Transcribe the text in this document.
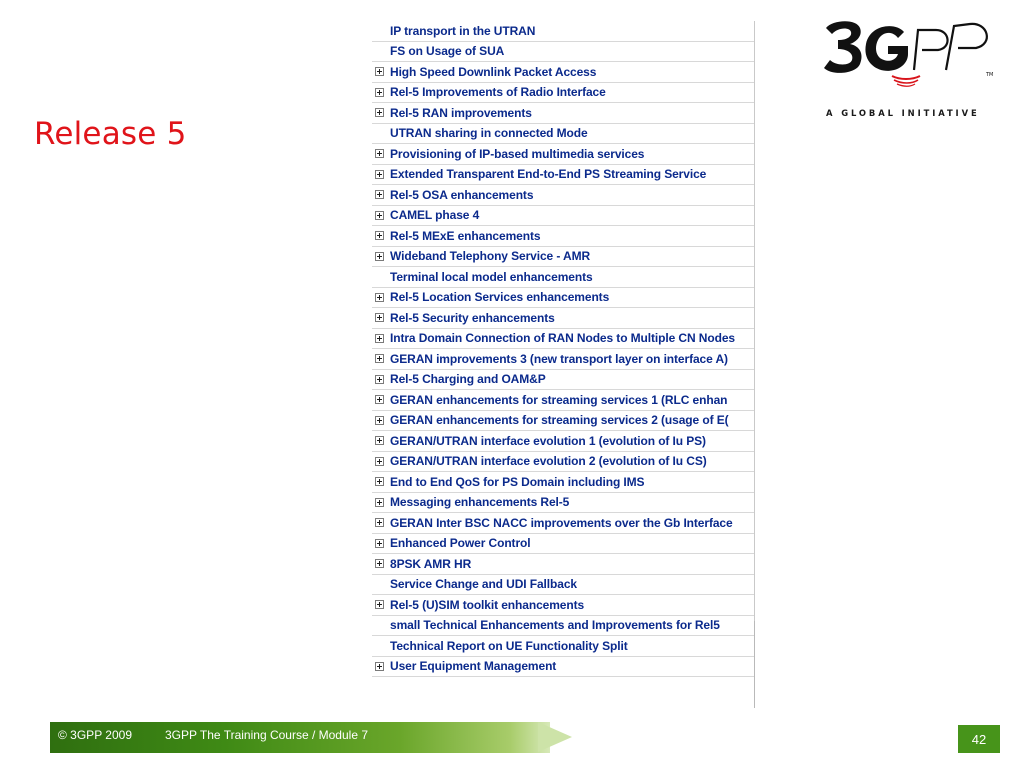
Release 5
TM
A GLOBAL INITIATIVE
IP transport in the UTRAN
FS on Usage of SUA
High Speed Downlink Packet Access
Rel-5 Improvements of Radio Interface
Rel-5 RAN improvements
UTRAN sharing in connected Mode
Provisioning of IP-based multimedia services
Extended Transparent End-to-End PS Streaming Service
Rel-5 OSA enhancements
CAMEL phase 4
Rel-5 MExE enhancements
Wideband Telephony Service - AMR
Terminal local model enhancements
Rel-5 Location Services enhancements
Rel-5 Security enhancements
Intra Domain Connection of RAN Nodes to Multiple CN Nodes
GERAN improvements 3 (new transport layer on interface A)
Rel-5 Charging and OAM&P
GERAN enhancements for streaming services 1 (RLC enhan
GERAN enhancements for streaming services 2 (usage of E(
GERAN/UTRAN interface evolution 1 (evolution of Iu PS)
GERAN/UTRAN interface evolution 2 (evolution of Iu CS)
End to End QoS for PS Domain including IMS
Messaging enhancements Rel-5
GERAN Inter BSC NACC improvements over the Gb Interface
Enhanced Power Control
8PSK AMR HR
Service Change and UDI Fallback
Rel-5 (U)SIM toolkit enhancements
small Technical Enhancements and Improvements for Rel5
Technical Report on UE Functionality Split
User Equipment Management
© 3GPP 2009	3GPP The Training Course / Module 7	42
